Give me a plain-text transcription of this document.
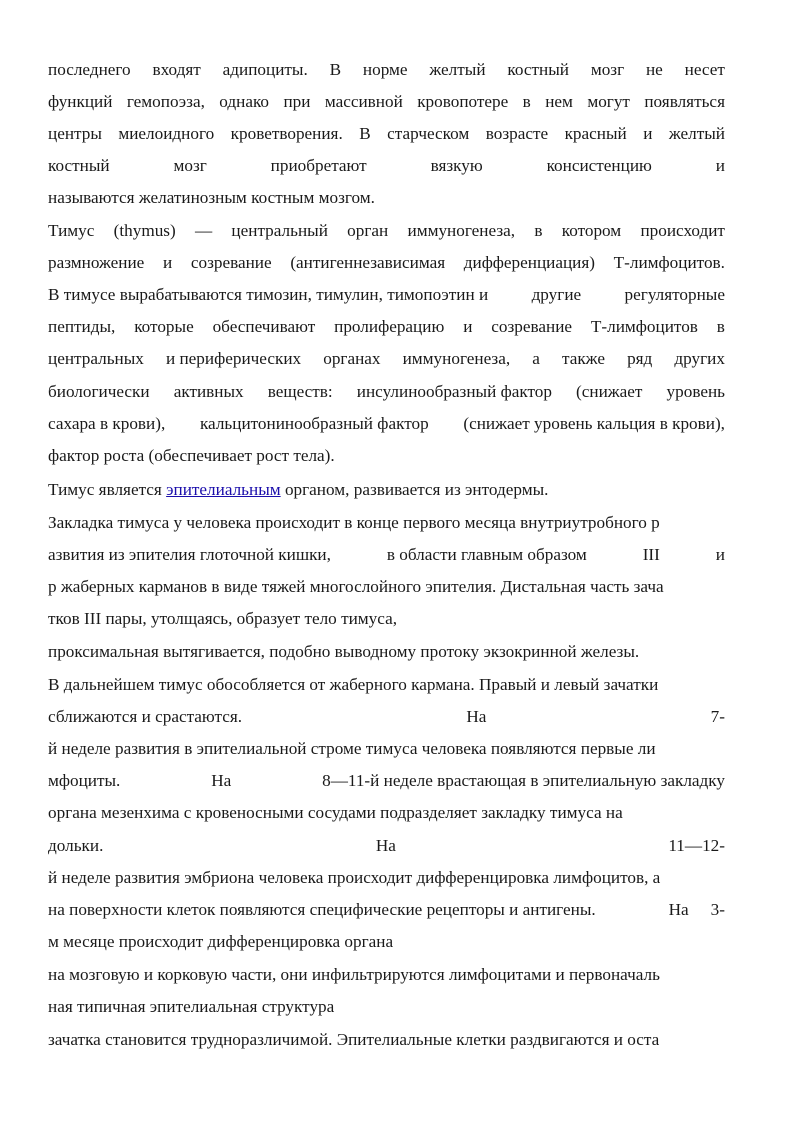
последнего входят адипоциты. В норме желтый костный мозг не несет
функций гемопоэза, однако при массивной кровопотере в нем могут появляться
центры миелоидного кроветворения. В старческом возрасте красный и желтый
костный	мозг	приобретают	вязкую	консистенцию	и
называются желатинозным костным мозгом.
Тимус (thymus) — центральный орган иммуногенеза, в котором происходит
размножение и созревание (антигеннезависимая дифференциация) Т-лимфоцитов.
В тимусе вырабатываются тимозин, тимулин, тимопоэтин и	другие	регуляторные
пептиды, которые обеспечивают пролиферацию и созревание Т-лимфоцитов в
центральных и периферических органах иммуногенеза, а также ряд других
биологически активных веществ: инсулинообразный фактор (снижает уровень
сахара в крови), кальцитонинообразный фактор (снижает уровень кальция в крови),
фактор роста (обеспечивает рост тела).
Тимус является эпителиальным органом, развивается из энтодермы.
Закладка тимуса у человека происходит в конце первого месяца внутриутробного р
азвития из эпителия глоточной кишки,	в области главным образом	III	и
р жаберных карманов в виде тяжей многослойного эпителия. Дистальная часть зача
тков III пары, утолщаясь, образует тело тимуса,
проксимальная вытягивается, подобно выводному протоку экзокринной железы.
В дальнейшем тимус обособляется от жаберного кармана. Правый и левый зачатки
сближаются и срастаются.	На	7-
й неделе развития в эпителиальной строме тимуса человека появляются первые ли
мфоциты.	На	8—11-й неделе врастающая в эпителиальную закладку
органа мезенхима с кровеносными сосудами подразделяет закладку тимуса на
дольки.	На	11—12-
й неделе развития эмбриона человека происходит дифференцировка лимфоцитов, а
на поверхности клеток появляются специфические рецепторы и антигены.	На 3-
м месяце происходит дифференцировка органа
на мозговую и корковую части, они инфильтрируются лимфоцитами и первоначаль
ная типичная эпителиальная структура
зачатка становится трудноразличимой. Эпителиальные клетки раздвигаются и оста
